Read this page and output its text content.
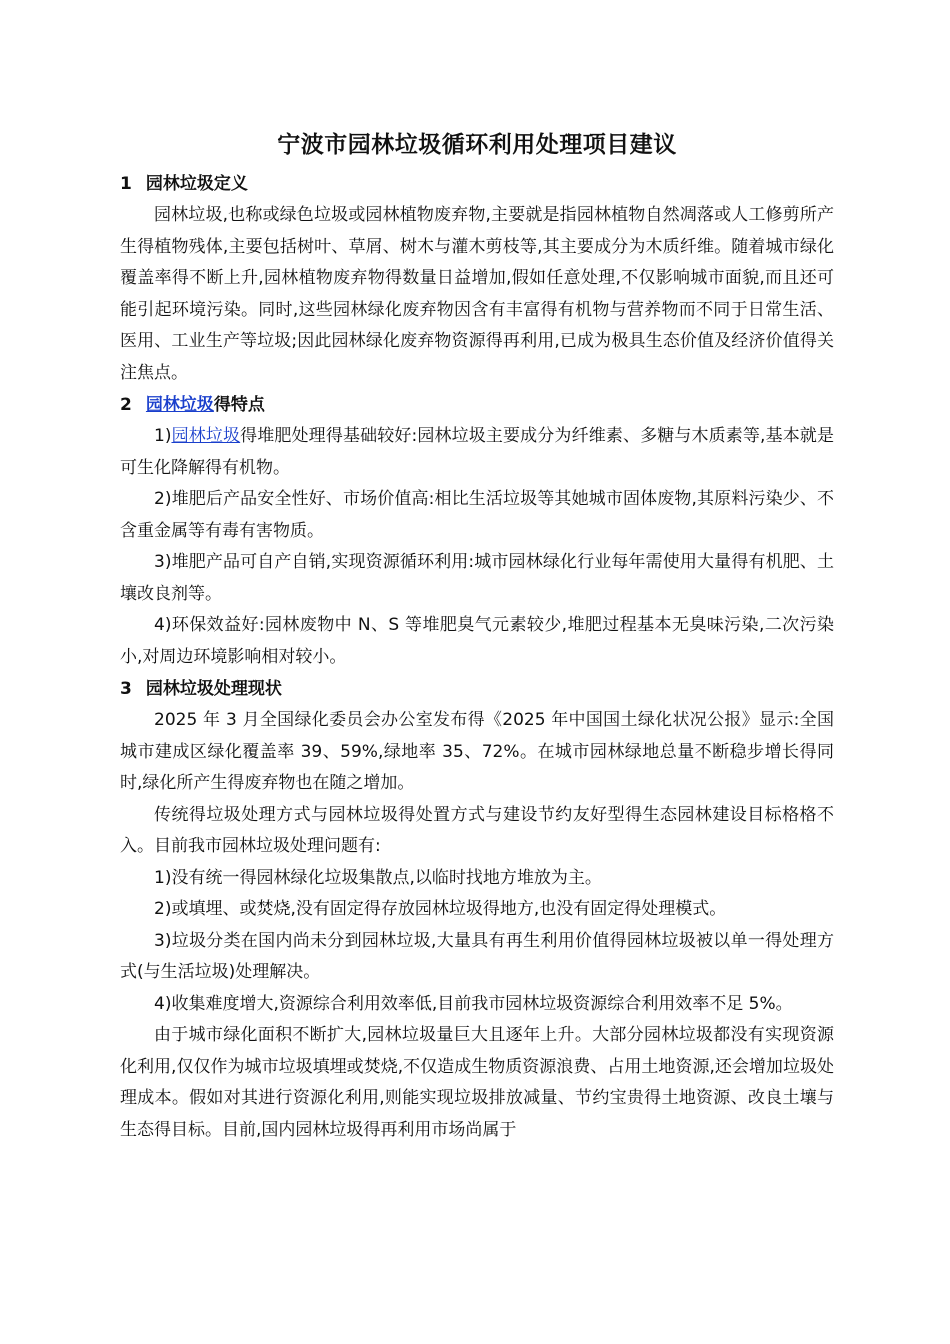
宁波市园林垃圾循环利用处理项目建议
1 园林垃圾定义

园林垃圾,也称或绿色垃圾或园林植物废弃物,主要就是指园林植物自然凋落或人工修剪所产生得植物残体,主要包括树叶、草屑、树木与灌木剪枝等,其主要成分为木质纤维。随着城市绿化覆盖率得不断上升,园林植物废弃物得数量日益增加,假如任意处理,不仅影响城市面貌,而且还可能引起环境污染。同时,这些园林绿化废弃物因含有丰富得有机物与营养物而不同于日常生活、医用、工业生产等垃圾;因此园林绿化废弃物资源得再利用,已成为极具生态价值及经济价值得关注焦点。

2 园林垃圾得特点

1)园林垃圾得堆肥处理得基础较好:园林垃圾主要成分为纤维素、多糖与木质素等,基本就是可生化降解得有机物。

2)堆肥后产品安全性好、市场价值高:相比生活垃圾等其她城市固体废物,其原料污染少、不含重金属等有毒有害物质。

3)堆肥产品可自产自销,实现资源循环利用:城市园林绿化行业每年需使用大量得有机肥、土壤改良剂等。

4)环保效益好:园林废物中 N、S 等堆肥臭气元素较少,堆肥过程基本无臭味污染,二次污染小,对周边环境影响相对较小。

3 园林垃圾处理现状

2025 年 3 月全国绿化委员会办公室发布得《2025 年中国国土绿化状况公报》显示:全国城市建成区绿化覆盖率 39、59%,绿地率 35、72%。在城市园林绿地总量不断稳步增长得同时,绿化所产生得废弃物也在随之增加。

传统得垃圾处理方式与园林垃圾得处置方式与建设节约友好型得生态园林建设目标格格不入。目前我市园林垃圾处理问题有:

1)没有统一得园林绿化垃圾集散点,以临时找地方堆放为主。

2)或填埋、或焚烧,没有固定得存放园林垃圾得地方,也没有固定得处理模式。

3)垃圾分类在国内尚未分到园林垃圾,大量具有再生利用价值得园林垃圾被以单一得处理方式(与生活垃圾)处理解决。

4)收集难度增大,资源综合利用效率低,目前我市园林垃圾资源综合利用效率不足 5%。

由于城市绿化面积不断扩大,园林垃圾量巨大且逐年上升。大部分园林垃圾都没有实现资源化利用,仅仅作为城市垃圾填埋或焚烧,不仅造成生物质资源浪费、占用土地资源,还会增加垃圾处理成本。假如对其进行资源化利用,则能实现垃圾排放减量、节约宝贵得土地资源、改良土壤与生态得目标。目前,国内园林垃圾得再利用市场尚属于
